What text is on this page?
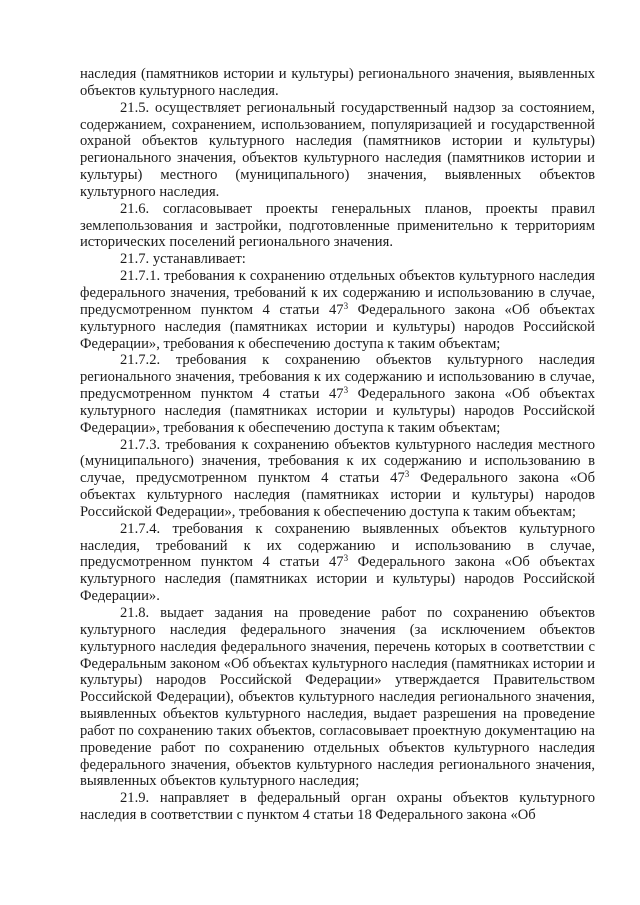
наследия (памятников истории и культуры) регионального значения, выявленных объектов культурного наследия.

21.5. осуществляет региональный государственный надзор за состоянием, содержанием, сохранением, использованием, популяризацией и государственной охраной объектов культурного наследия (памятников истории и культуры) регионального значения, объектов культурного наследия (памятников истории и культуры) местного (муниципального) значения, выявленных объектов культурного наследия.

21.6. согласовывает проекты генеральных планов, проекты правил землепользования и застройки, подготовленные применительно к территориям исторических поселений регионального значения.

21.7. устанавливает:

21.7.1. требования к сохранению отдельных объектов культурного наследия федерального значения, требований к их содержанию и использованию в случае, предусмотренном пунктом 4 статьи $47^3$ Федерального закона «Об объектах культурного наследия (памятниках истории и культуры) народов Российской Федерации», требования к обеспечению доступа к таким объектам;

21.7.2. требования к сохранению объектов культурного наследия регионального значения, требования к их содержанию и использованию в случае, предусмотренном пунктом 4 статьи $47^3$ Федерального закона «Об объектах культурного наследия (памятниках истории и культуры) народов Российской Федерации», требования к обеспечению доступа к таким объектам;

21.7.3. требования к сохранению объектов культурного наследия местного (муниципального) значения, требования к их содержанию и использованию в случае, предусмотренном пунктом 4 статьи $47^3$ Федерального закона «Об объектах культурного наследия (памятниках истории и культуры) народов Российской Федерации», требования к обеспечению доступа к таким объектам;

21.7.4. требования к сохранению выявленных объектов культурного наследия, требований к их содержанию и использованию в случае, предусмотренном пунктом 4 статьи $47^3$ Федерального закона «Об объектах культурного наследия (памятниках истории и культуры) народов Российской Федерации».

21.8. выдает задания на проведение работ по сохранению объектов культурного наследия федерального значения (за исключением объектов культурного наследия федерального значения, перечень которых в соответствии с Федеральным законом «Об объектах культурного наследия (памятниках истории и культуры) народов Российской Федерации» утверждается Правительством Российской Федерации), объектов культурного наследия регионального значения, выявленных объектов культурного наследия, выдает разрешения на проведение работ по сохранению таких объектов, согласовывает проектную документацию на проведение работ по сохранению отдельных объектов культурного наследия федерального значения, объектов культурного наследия регионального значения, выявленных объектов культурного наследия;

21.9. направляет в федеральный орган охраны объектов культурного наследия в соответствии с пунктом 4 статьи 18 Федерального закона «Об
